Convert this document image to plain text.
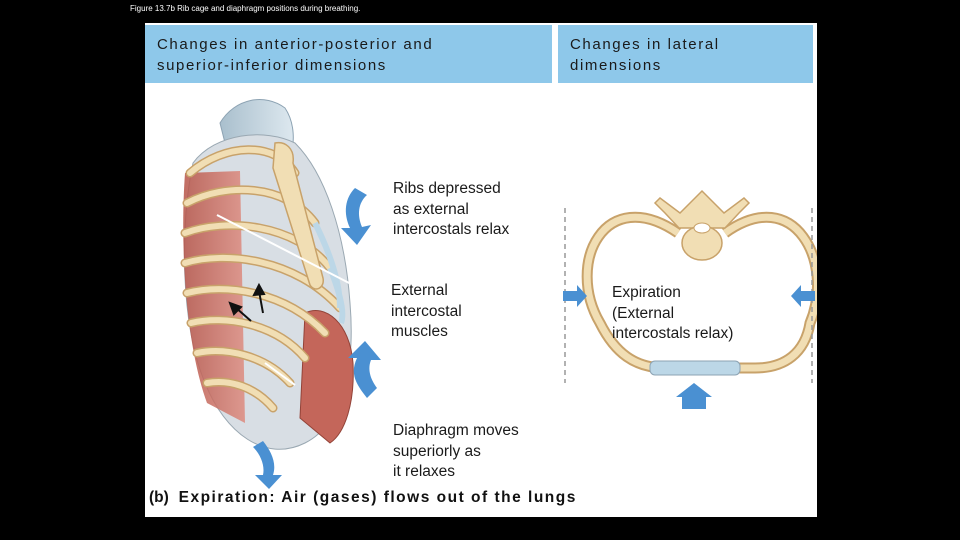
Figure 13.7b Rib cage and diaphragm positions during breathing.
Changes in anterior-posterior and
superior-inferior dimensions
Changes in lateral
dimensions
Ribs depressed
as external
intercostals relax
External
intercostal
muscles
Diaphragm moves
superiorly as
it relaxes
Expiration
(External
intercostals relax)
(b) Expiration: Air (gases) flows out of the lungs
